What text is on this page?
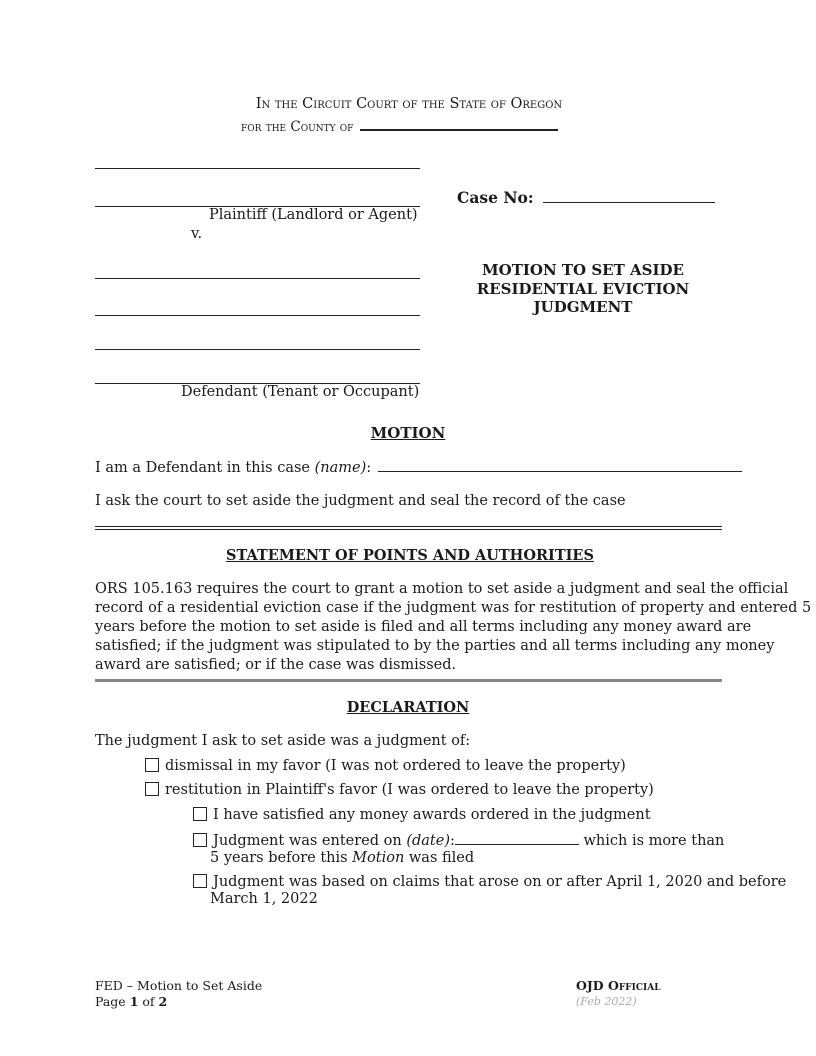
In the Circuit Court of the State of Oregon
for the County of
Plaintiff (Landlord or Agent)
v.
Defendant (Tenant or Occupant)
Case No:
MOTION TO SET ASIDE RESIDENTIAL EVICTION JUDGMENT
MOTION
I am a Defendant in this case (name):
I ask the court to set aside the judgment and seal the record of the case
STATEMENT OF POINTS AND AUTHORITIES
ORS 105.163 requires the court to grant a motion to set aside a judgment and seal the official
record of a residential eviction case if the judgment was for restitution of property and entered 5
years before the motion to set aside is filed and all terms including any money award are
satisfied; if the judgment was stipulated to by the parties and all terms including any money
award are satisfied; or if the case was dismissed.
DECLARATION
The judgment I ask to set aside was a judgment of:
dismissal in my favor (I was not ordered to leave the property)
restitution in Plaintiff's favor (I was ordered to leave the property)
I have satisfied any money awards ordered in the judgment
Judgment was entered on (date):	which is more than
5 years before this Motion was filed
Judgment was based on claims that arose on or after April 1, 2020 and before
March 1, 2022
FED – Motion to Set Aside
Page 1 of 2
OJD Official
(Feb 2022)
